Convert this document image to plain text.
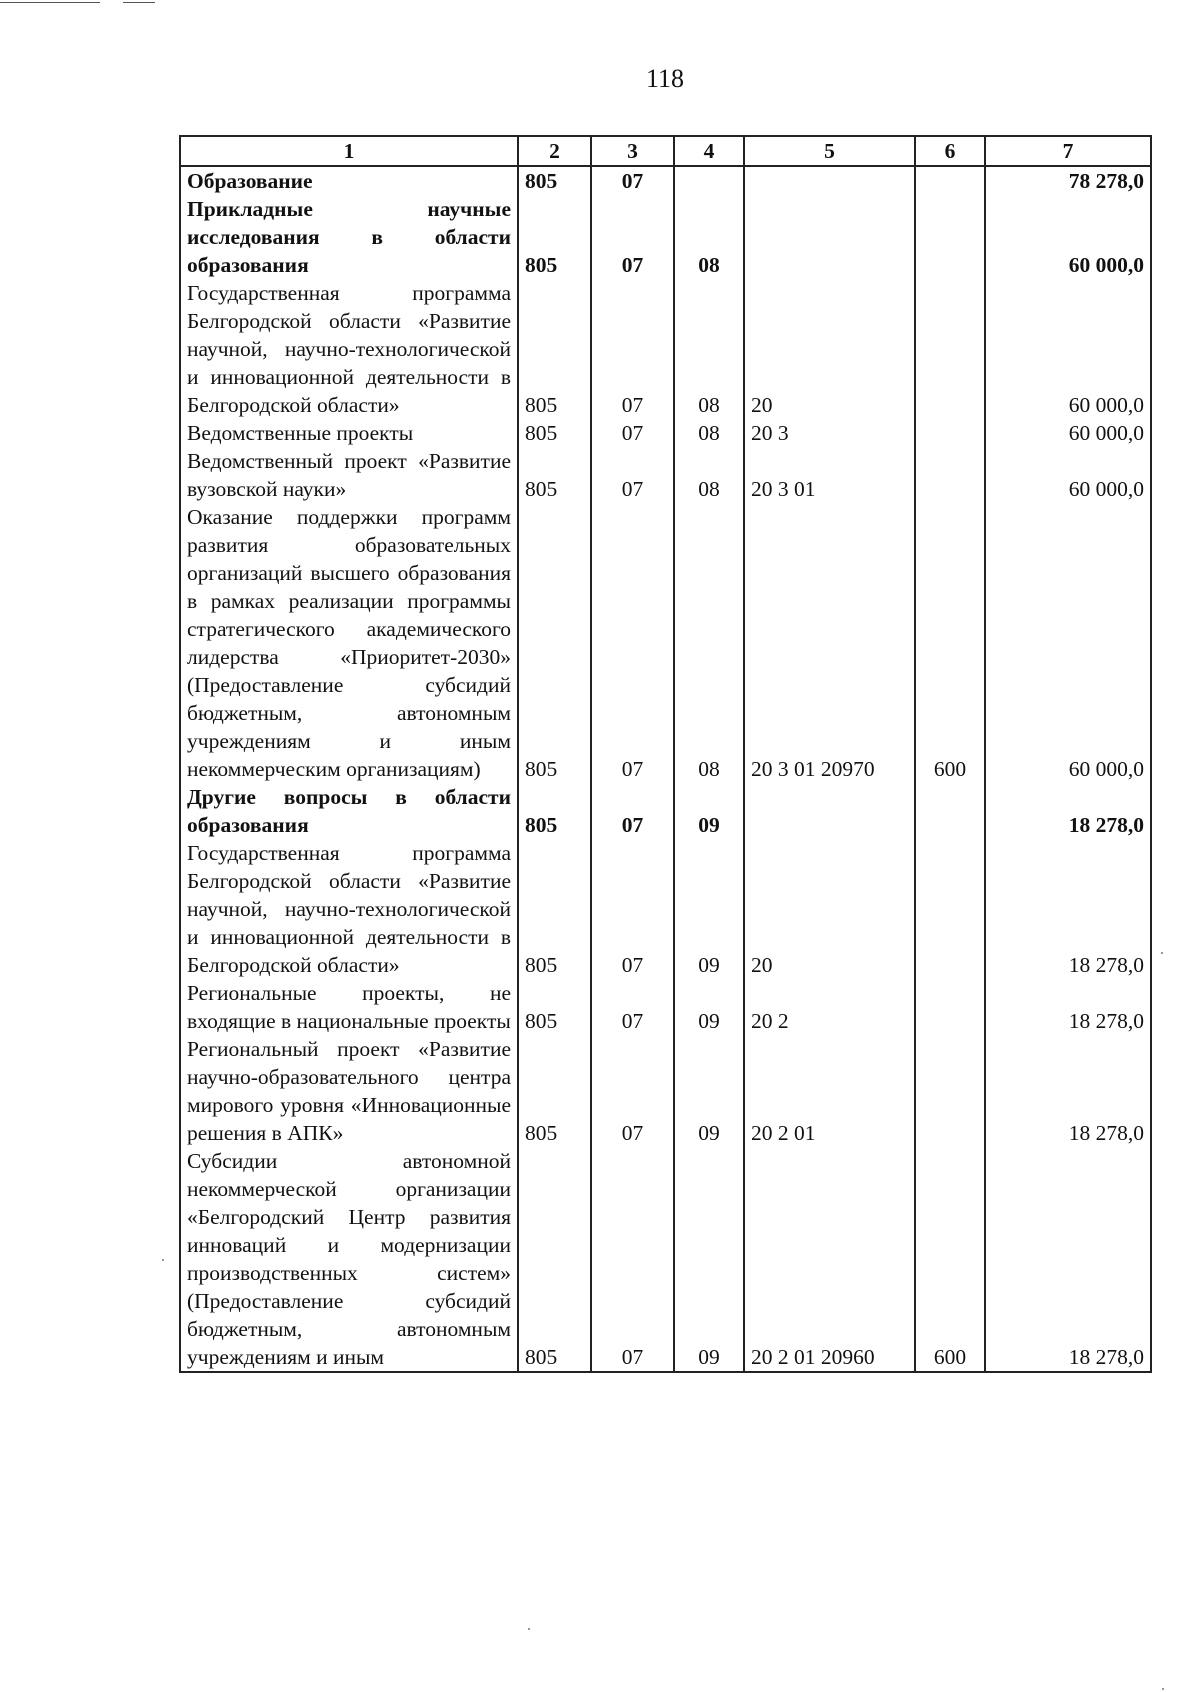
118
1	2	3	4	5	6	7

Образование	805	07				78 278,0

Прикладные научные исследования в области образования	805	07	08			60 000,0

Государственная программа Белгородской области «Развитие научной, научно-технологической и инновационной деятельности в Белгородской области»	805	07	08	20		60 000,0

Ведомственные проекты	805	07	08	20 3		60 000,0

Ведомственный проект «Развитие вузовской науки»	805	07	08	20 3 01		60 000,0

Оказание поддержки программ развития образовательных организаций высшего образования в рамках реализации программы стратегического академического лидерства «Приоритет-2030» (Предоставление субсидий бюджетным, автономным учреждениям и иным некоммерческим организациям)	805	07	08	20 3 01 20970	600	60 000,0

Другие вопросы в области образования	805	07	09			18 278,0

Государственная программа Белгородской области «Развитие научной, научно-технологической и инновационной деятельности в Белгородской области»	805	07	09	20		18 278,0

Региональные проекты, не входящие в национальные проекты	805	07	09	20 2		18 278,0

Региональный проект «Развитие научно-образовательного центра мирового уровня «Инновационные решения в АПК»	805	07	09	20 2 01		18 278,0

Субсидии автономной некоммерческой организации «Белгородский Центр развития инноваций и модернизации производственных систем» (Предоставление субсидий бюджетным, автономным учреждениям и иным	805	07	09	20 2 01 20960	600	18 278,0
